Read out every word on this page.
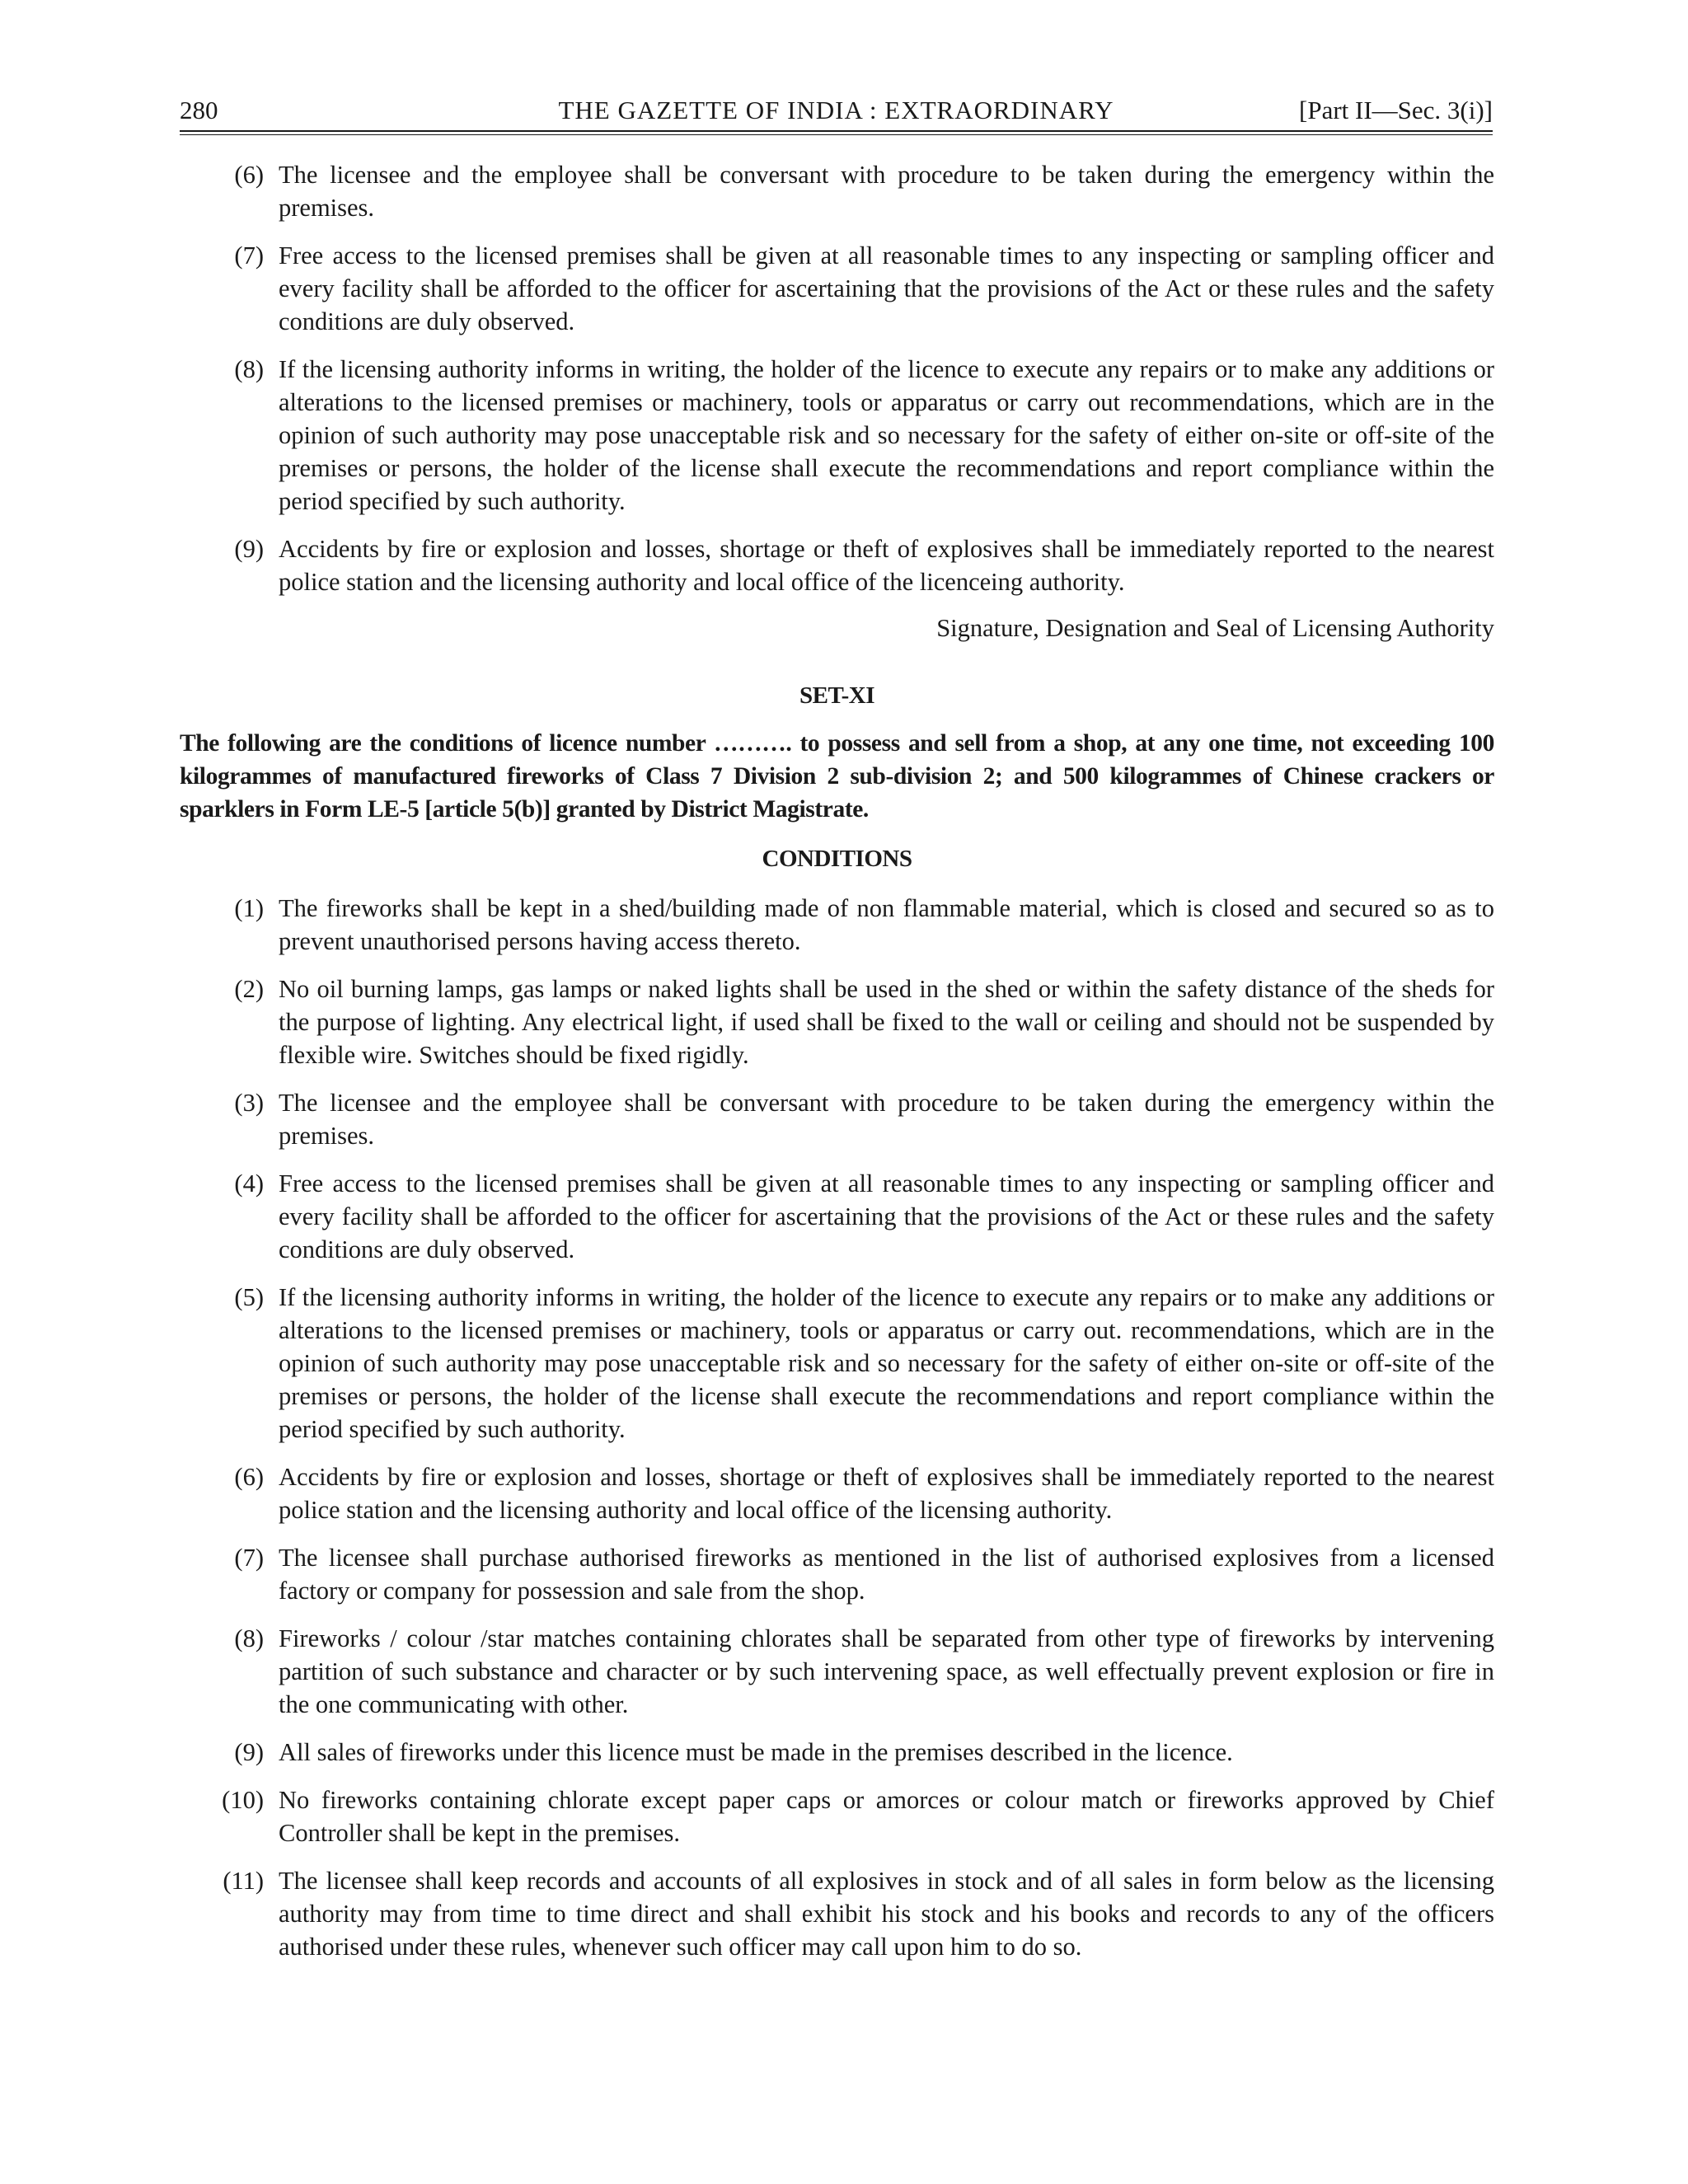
280	THE GAZETTE OF INDIA : EXTRAORDINARY	[Part II—Sec. 3(i)]
(6) The licensee and the employee shall be conversant with procedure to be taken during the emergency within the premises.
(7) Free access to the licensed premises shall be given at all reasonable times to any inspecting or sampling officer and every facility shall be afforded to the officer for ascertaining that the provisions of the Act or these rules and the safety conditions are duly observed.
(8) If the licensing authority informs in writing, the holder of the licence to execute any repairs or to make any additions or alterations to the licensed premises or machinery, tools or apparatus or carry out recommendations, which are in the opinion of such authority may pose unacceptable risk and so necessary for the safety of either on-site or off-site of the premises or persons, the holder of the license shall execute the recommendations and report compliance within the period specified by such authority.
(9) Accidents by fire or explosion and losses, shortage or theft of explosives shall be immediately reported to the nearest police station and the licensing authority and local office of the licenceing authority.
Signature, Designation and Seal of Licensing Authority
SET-XI
The following are the conditions of licence number ………. to possess and sell from a shop, at any one time, not exceeding 100 kilogrammes of manufactured fireworks of Class 7 Division 2 sub-division 2; and 500 kilogrammes of Chinese crackers or sparklers in Form LE-5 [article 5(b)] granted by District Magistrate.
CONDITIONS
(1) The fireworks shall be kept in a shed/building made of non flammable material, which is closed and secured so as to prevent unauthorised persons having access thereto.
(2) No oil burning lamps, gas lamps or naked lights shall be used in the shed or within the safety distance of the sheds for the purpose of lighting. Any electrical light, if used shall be fixed to the wall or ceiling and should not be suspended by flexible wire. Switches should be fixed rigidly.
(3) The licensee and the employee shall be conversant with procedure to be taken during the emergency within the premises.
(4) Free access to the licensed premises shall be given at all reasonable times to any inspecting or sampling officer and every facility shall be afforded to the officer for ascertaining that the provisions of the Act or these rules and the safety conditions are duly observed.
(5) If the licensing authority informs in writing, the holder of the licence to execute any repairs or to make any additions or alterations to the licensed premises or machinery, tools or apparatus or carry out. recommendations, which are in the opinion of such authority may pose unacceptable risk and so necessary for the safety of either on-site or off-site of the premises or persons, the holder of the license shall execute the recommendations and report compliance within the period specified by such authority.
(6) Accidents by fire or explosion and losses, shortage or theft of explosives shall be immediately reported to the nearest police station and the licensing authority and local office of the licensing authority.
(7) The licensee shall purchase authorised fireworks as mentioned in the list of authorised explosives from a licensed factory or company for possession and sale from the shop.
(8) Fireworks / colour /star matches containing chlorates shall be separated from other type of fireworks by intervening partition of such substance and character or by such intervening space, as well effectually prevent explosion or fire in the one communicating with other.
(9) All sales of fireworks under this licence must be made in the premises described in the licence.
(10) No fireworks containing chlorate except paper caps or amorces or colour match or fireworks approved by Chief Controller shall be kept in the premises.
(11) The licensee shall keep records and accounts of all explosives in stock and of all sales in form below as the licensing authority may from time to time direct and shall exhibit his stock and his books and records to any of the officers authorised under these rules, whenever such officer may call upon him to do so.
